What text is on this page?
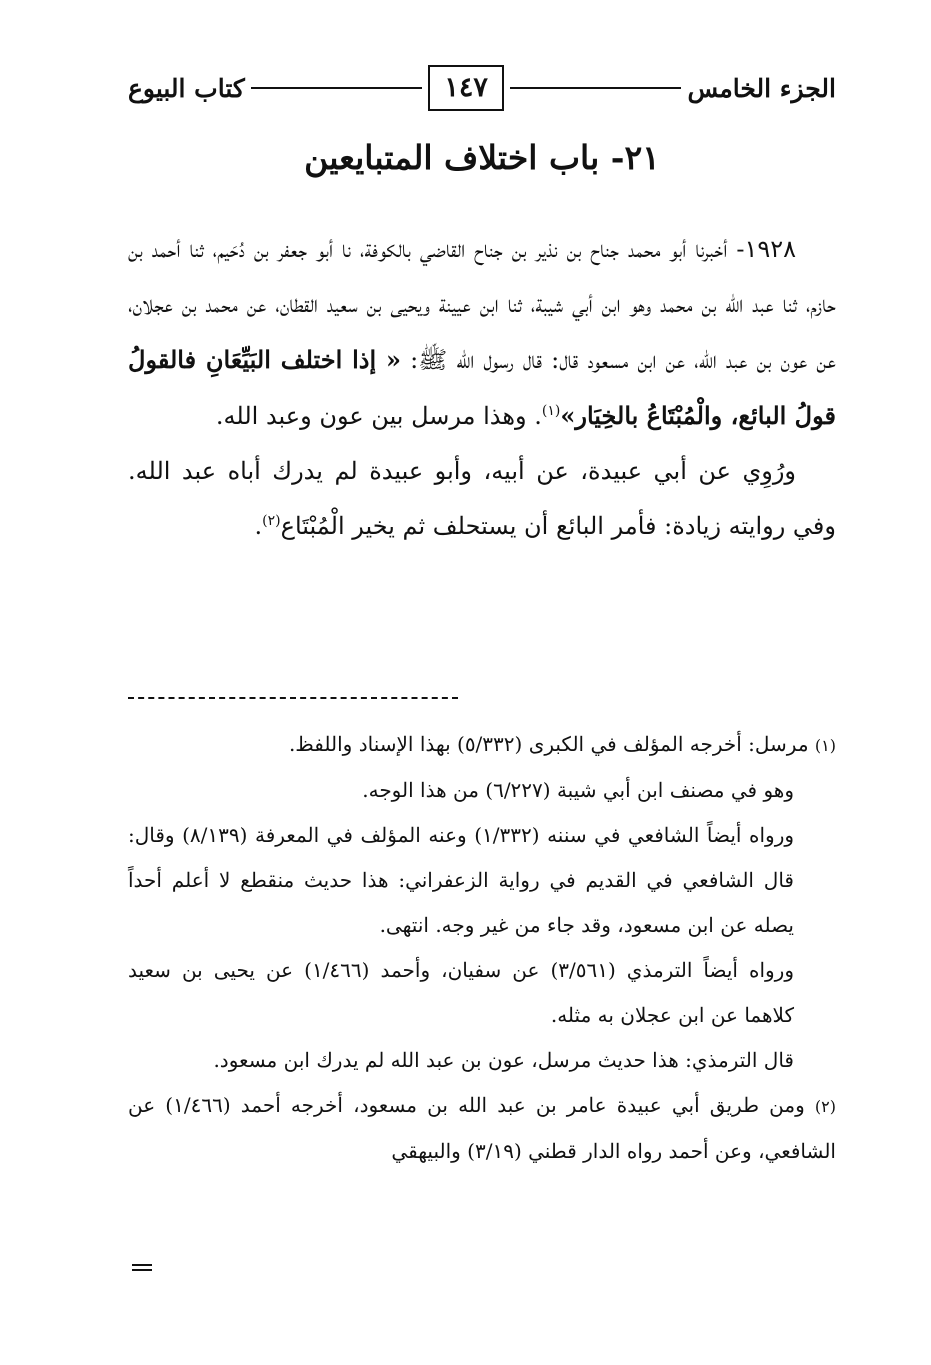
الجزء الخامس
١٤٧
كتاب البيوع
٢١- باب اختلاف المتبايعين

١٩٢٨- أخبرنا أبو محمد جناح بن نذير بن جناح القاضي بالكوفة، نا أبو جعفر بن دُحَيم، ثنا أحمد بن حازم، ثنا عبد الله بن محمد وهو ابن أبي شيبة، ثنا ابن عيينة ويحيى بن سعيد القطان، عن محمد بن عجلان، عن عون بن عبد الله، عن ابن مسعود قال: قال رسول الله ﷺ: « إذا اختلف البَيِّعَانِ فالقولُ قولُ البائع، والْمُبْتَاعُ بالخِيَار»$^{(١)}$. وهذا مرسل بين عون وعبد الله.

ورُوِي عن أبي عبيدة، عن أبيه، وأبو عبيدة لم يدرك أباه عبد الله. وفي روايته زيادة: فأمر البائع أن يستحلف ثم يخير الْمُبْتَاع$^{(٢)}$.

(١) مرسل: أخرجه المؤلف في الكبرى (٥/٣٣٢) بهذا الإسناد واللفظ.

وهو في مصنف ابن أبي شيبة (٦/٢٢٧) من هذا الوجه.

ورواه أيضاً الشافعي في سننه (١/٣٣٢) وعنه المؤلف في المعرفة (٨/١٣٩) وقال: قال الشافعي في القديم في رواية الزعفراني: هذا حديث منقطع لا أعلم أحداً يصله عن ابن مسعود، وقد جاء من غير وجه. انتهى.

ورواه أيضاً الترمذي (٣/٥٦١) عن سفيان، وأحمد (١/٤٦٦) عن يحيى بن سعيد كلاهما عن ابن عجلان به مثله.

قال الترمذي: هذا حديث مرسل، عون بن عبد الله لم يدرك ابن مسعود.

(٢) ومن طريق أبي عبيدة عامر بن عبد الله بن مسعود، أخرجه أحمد (١/٤٦٦) عن الشافعي، وعن أحمد رواه الدار قطني (٣/١٩) والبيهقي
